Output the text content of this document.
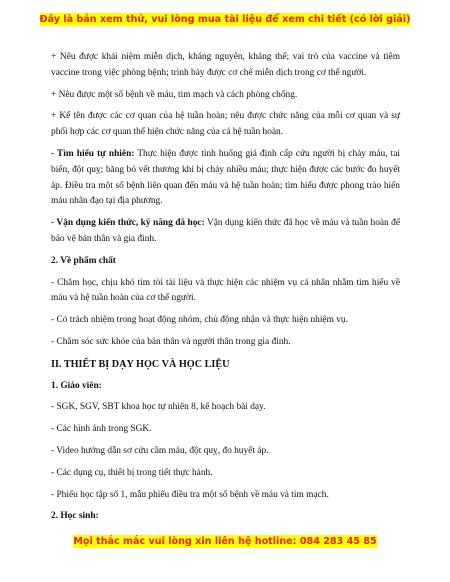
Đây là bản xem thử, vui lòng mua tài liệu để xem chi tiết (có lời giải)

+ Nêu được khái niệm miễn dịch, kháng nguyên, kháng thể; vai trò của vaccine và tiêm vaccine trong việc phòng bệnh; trình bày được cơ chế miễn dịch trong cơ thể người.

+ Nêu được một số bệnh về máu, tim mạch và cách phòng chống.

+ Kể tên được các cơ quan của hệ tuần hoàn; nêu được chức năng của mỗi cơ quan và sự phối hợp các cơ quan thể hiện chức năng của cả hệ tuần hoàn.

- Tìm hiểu tự nhiên: Thực hiện được tình huống giả định cấp cứu người bị chảy máu, tai biến, đột quỵ; băng bó vết thương khi bị chảy nhiều máu; thực hiện được các bước đo huyết áp. Điều tra một số bệnh liên quan đến máu và hệ tuần hoàn; tìm hiểu được phong trào hiến máu nhân đạo tại địa phương.

- Vận dụng kiến thức, kỹ năng đã học: Vận dụng kiến thức đã học về máu và tuần hoàn để bảo vệ bản thân và gia đình.

2. Về phẩm chất

- Chăm học, chịu khó tìm tòi tài liệu và thực hiện các nhiệm vụ cá nhân nhằm tìm hiểu về máu và hệ tuần hoàn của cơ thể người.

- Có trách nhiệm trong hoạt động nhóm, chủ động nhận và thực hiện nhiệm vụ.

- Chăm sóc sức khỏe của bản thân và người thân trong gia đình.

II. THIẾT BỊ DẠY HỌC VÀ HỌC LIỆU

1. Giáo viên:

- SGK, SGV, SBT khoa học tự nhiên 8, kế hoạch bài dạy.

- Các hình ảnh trong SGK.

- Video hướng dẫn sơ cứu cầm máu, đột quỵ, đo huyết áp.

- Các dụng cụ, thiết bị trong tiết thực hành.

- Phiếu học tập số 1, mẫu phiếu điều tra một số bệnh về máu và tim mạch.

2. Học sinh:

Mọi thắc mắc vui lòng xin liên hệ hotline: 084 283 45 85
